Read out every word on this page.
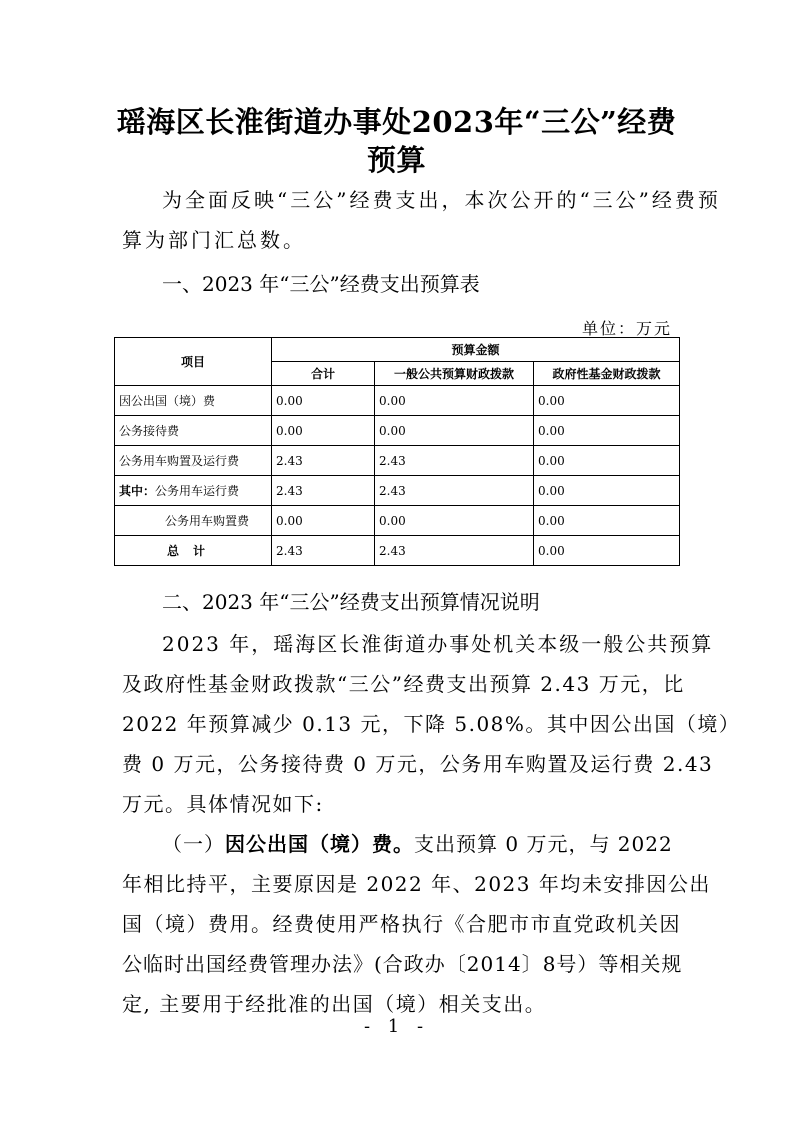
瑶海区长淮街道办事处2023年“三公”经费
预算
为全面反映“三公”经费支出，本次公开的“三公”经费预
算为部门汇总数。
一、2023 年“三公”经费支出预算表
单位：万元
项目	预算金额		
	合计	一般公共预算财政拨款	政府性基金财政拨款
因公出国（境）费	0.00	0.00	0.00
公务接待费	0.00	0.00	0.00
公务用车购置及运行费	2.43	2.43	0.00
其中：公务用车运行费	2.43	2.43	0.00
公务用车购置费	0.00	0.00	0.00
总计	2.43	2.43	0.00
二、2023 年“三公”经费支出预算情况说明
2023 年，瑶海区长淮街道办事处机关本级一般公共预算
及政府性基金财政拨款“三公”经费支出预算 2.43 万元，比
2022 年预算减少 0.13 元，下降 5.08%。其中因公出国（境）
费 0 万元，公务接待费 0 万元，公务用车购置及运行费 2.43
万元。具体情况如下:
（一）因公出国（境）费。支出预算 0 万元，与 2022
年相比持平，主要原因是 2022 年、2023 年均未安排因公出
国（境）费用。经费使用严格执行《合肥市市直党政机关因
公临时出国经费管理办法》(合政办〔2014〕8号）等相关规
定, 主要用于经批准的出国（境）相关支出。
- 1 -
